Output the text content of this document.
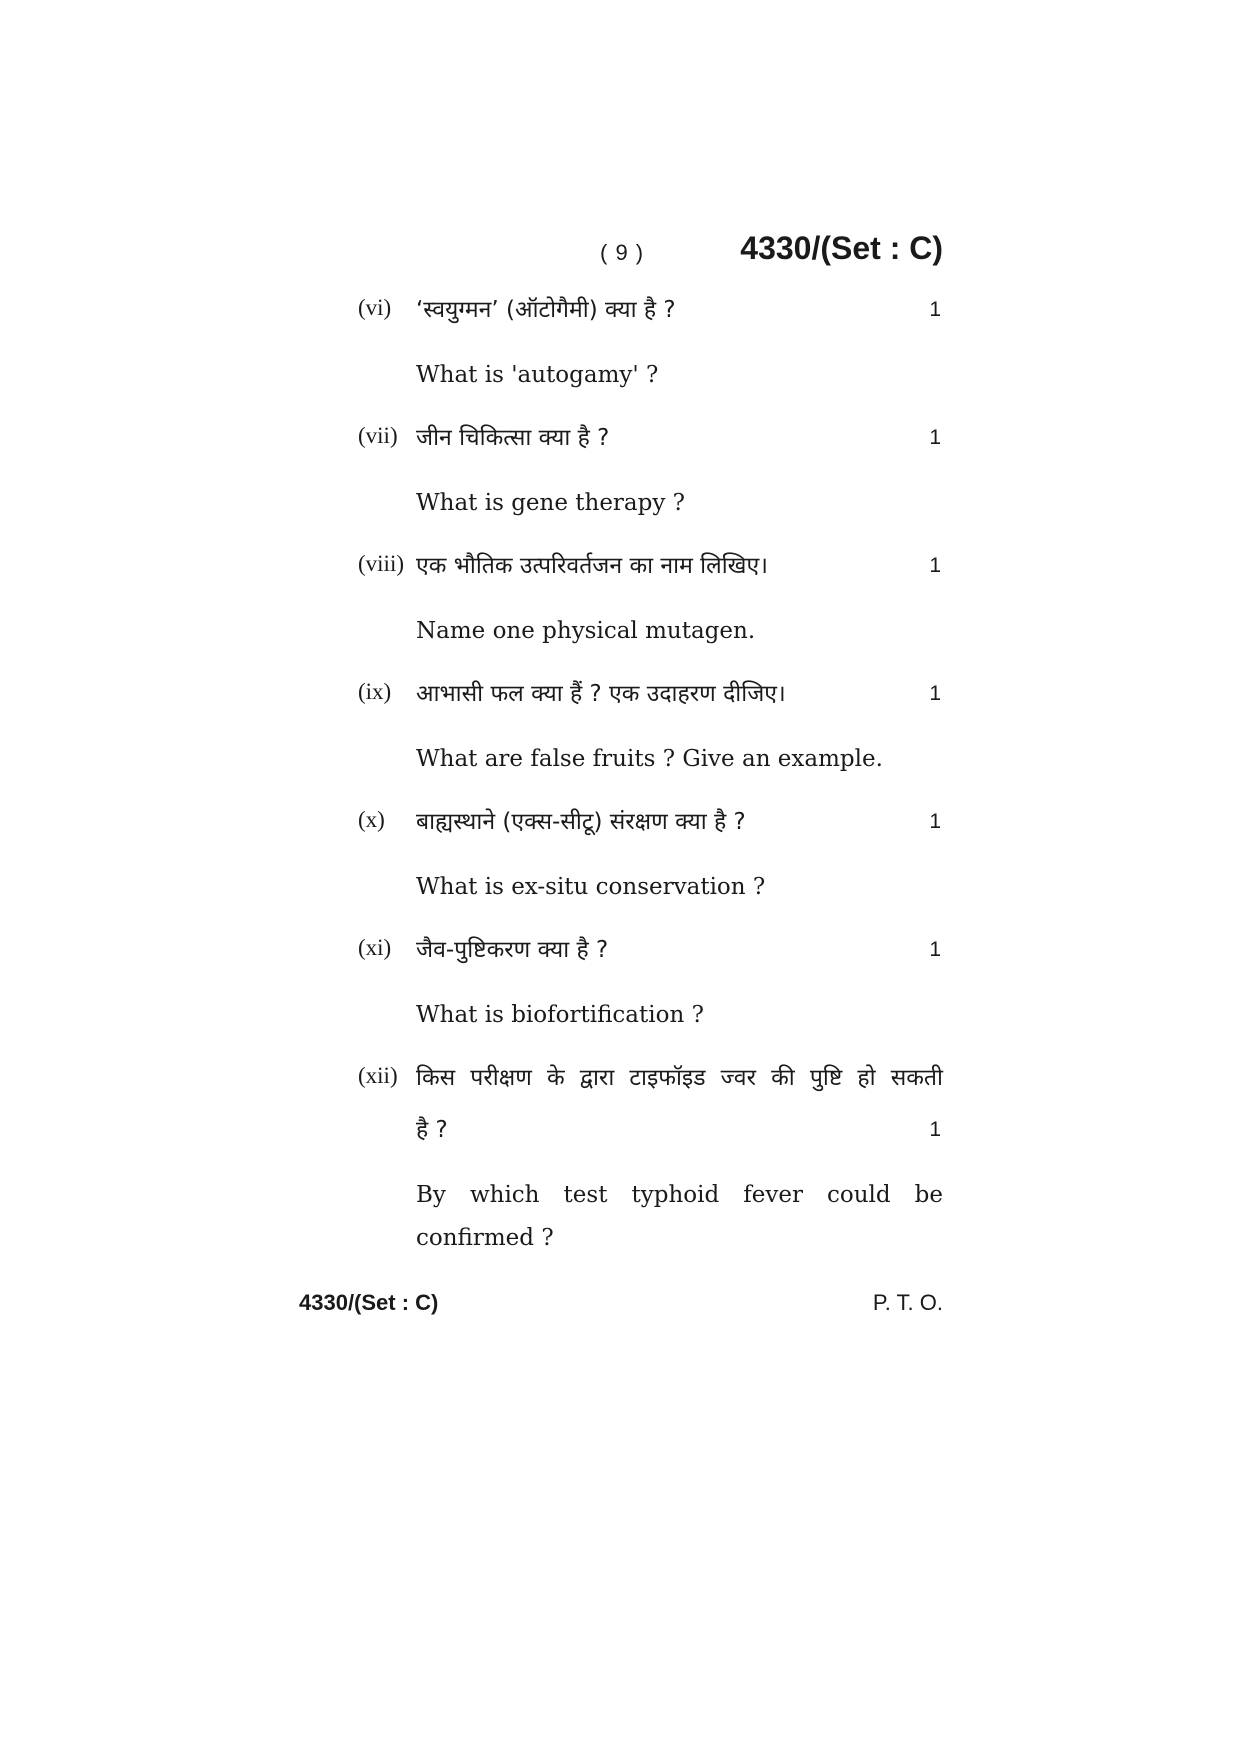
( 9 )	4330/(Set : C)
(vi) ‘स्वयुग्मन’ (ऑटोगैमी) क्या है ?	1
What is 'autogamy' ?
(vii) जीन चिकित्सा क्या है ?	1
What is gene therapy ?
(viii) एक भौतिक उत्परिवर्तजन का नाम लिखिए।	1
Name one physical mutagen.
(ix) आभासी फल क्या हैं ? एक उदाहरण दीजिए।	1
What are false fruits ? Give an example.
(x) बाह्यस्थाने (एक्स-सीटू) संरक्षण क्या है ?	1
What is ex-situ conservation ?
(xi) जैव-पुष्टिकरण क्या है ?	1
What is biofortification ?
(xii) किस परीक्षण के द्वारा टाइफॉइड ज्वर की पुष्टि हो सकती
है ?	1
By which test typhoid fever could be
confirmed ?
4330/(Set : C)	P. T. O.
